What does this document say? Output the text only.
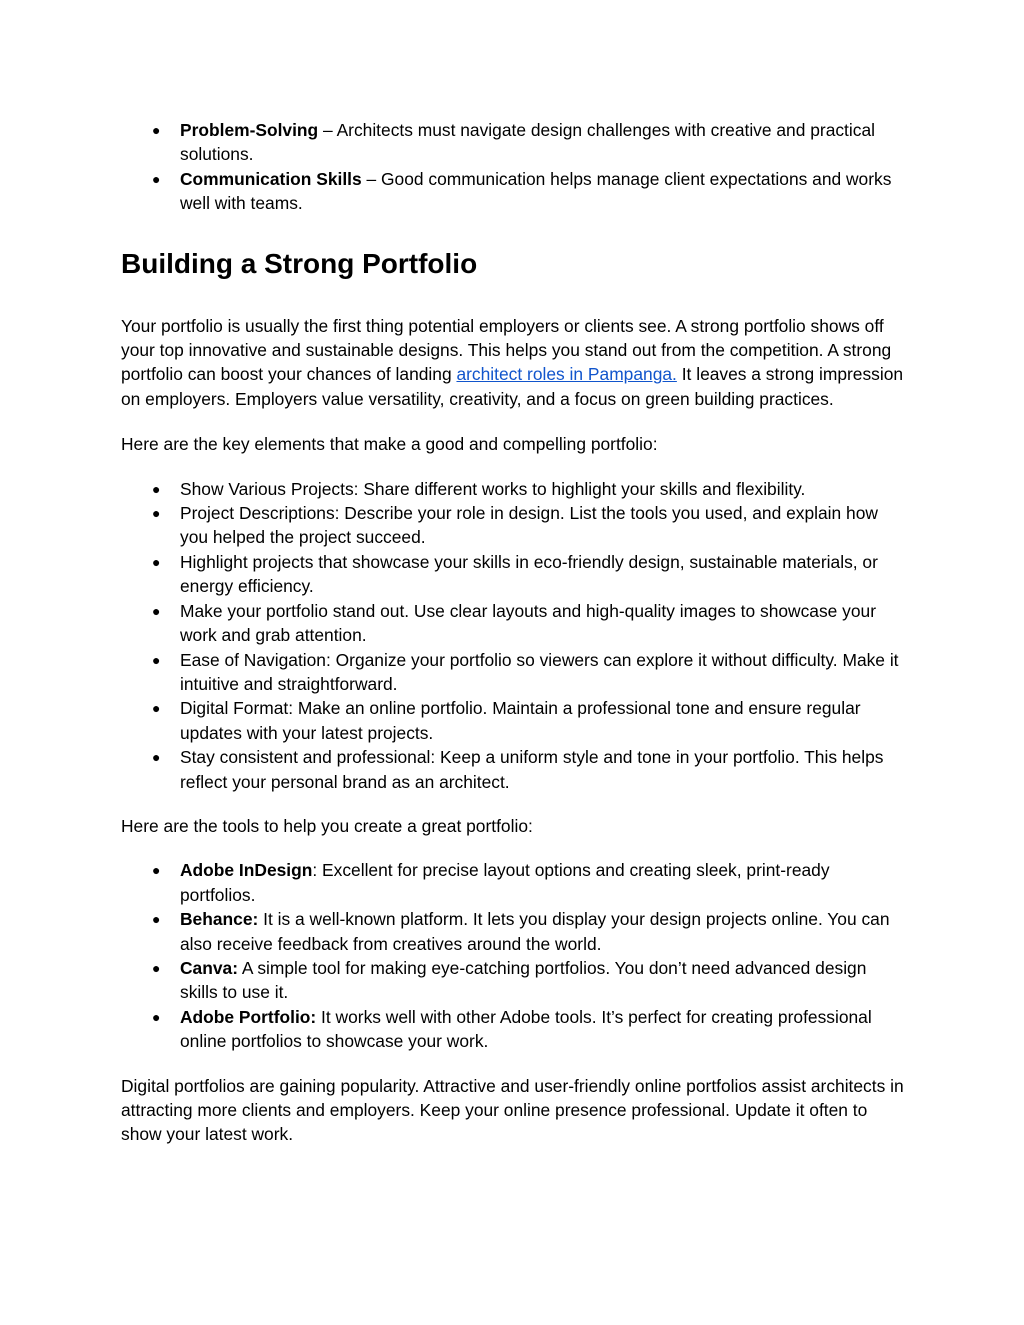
● Problem-Solving – Architects must navigate design challenges with creative and practical solutions.
● Communication Skills – Good communication helps manage client expectations and works well with teams.
Building a Strong Portfolio

Your portfolio is usually the first thing potential employers or clients see. A strong portfolio shows off your top innovative and sustainable designs. This helps you stand out from the competition. A strong portfolio can boost your chances of landing architect roles in Pampanga. It leaves a strong impression on employers. Employers value versatility, creativity, and a focus on green building practices.

Here are the key elements that make a good and compelling portfolio:

● Show Various Projects: Share different works to highlight your skills and flexibility.
● Project Descriptions: Describe your role in design. List the tools you used, and explain how you helped the project succeed.
● Highlight projects that showcase your skills in eco-friendly design, sustainable materials, or energy efficiency.
● Make your portfolio stand out. Use clear layouts and high-quality images to showcase your work and grab attention.
● Ease of Navigation: Organize your portfolio so viewers can explore it without difficulty. Make it intuitive and straightforward.
● Digital Format: Make an online portfolio. Maintain a professional tone and ensure regular updates with your latest projects.
● Stay consistent and professional: Keep a uniform style and tone in your portfolio. This helps reflect your personal brand as an architect.

Here are the tools to help you create a great portfolio:

● Adobe InDesign: Excellent for precise layout options and creating sleek, print-ready portfolios.
● Behance: It is a well-known platform. It lets you display your design projects online. You can also receive feedback from creatives around the world.
● Canva: A simple tool for making eye-catching portfolios. You don’t need advanced design skills to use it.
● Adobe Portfolio: It works well with other Adobe tools. It’s perfect for creating professional online portfolios to showcase your work.

Digital portfolios are gaining popularity. Attractive and user-friendly online portfolios assist architects in attracting more clients and employers. Keep your online presence professional. Update it often to show your latest work.
